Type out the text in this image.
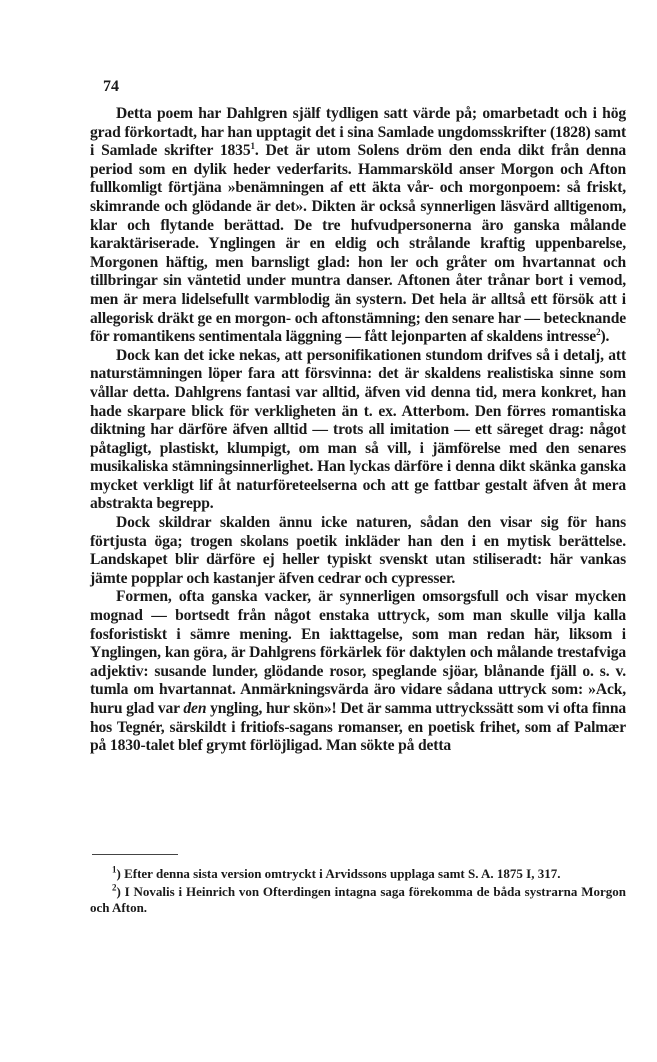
74

Detta poem har Dahlgren själf tydligen satt värde på; omarbetadt och i hög grad förkortadt, har han upptagit det i sina Samlade ungdomsskrifter (1828) samt i Samlade skrifter 1835$^1$. Det är utom Solens dröm den enda dikt från denna period som en dylik heder vederfarits. Hammarsköld anser Morgon och Afton fullkomligt förtjäna »benämningen af ett äkta vår- och morgonpoem: så friskt, skimrande och glödande är det». Dikten är också synnerligen läsvärd alltigenom, klar och flytande berättad. De tre hufvudpersonerna äro ganska målande karaktäriserade. Ynglingen är en eldig och strålande kraftig uppenbarelse, Morgonen häftig, men barnsligt glad: hon ler och gråter om hvartannat och tillbringar sin väntetid under muntra danser. Aftonen åter trånar bort i vemod, men är mera lidelsefullt varmblodig än systern. Det hela är alltså ett försök att i allegorisk dräkt ge en morgon- och aftonstämning; den senare har — betecknande för romantikens sentimentala läggning — fått lejonparten af skaldens intresse$^2$).

Dock kan det icke nekas, att personifikationen stundom drifves så i detalj, att naturstämningen löper fara att försvinna: det är skaldens realistiska sinne som vållar detta. Dahlgrens fantasi var alltid, äfven vid denna tid, mera konkret, han hade skarpare blick för verkligheten än t. ex. Atterbom. Den förres romantiska diktning har därföre äfven alltid — trots all imitation — ett säreget drag: något påtagligt, plastiskt, klumpigt, om man så vill, i jämförelse med den senares musikaliska stämningsinnerlighet. Han lyckas därföre i denna dikt skänka ganska mycket verkligt lif åt naturföreteelserna och att ge fattbar gestalt äfven åt mera abstrakta begrepp.

Dock skildrar skalden ännu icke naturen, sådan den visar sig för hans förtjusta öga; trogen skolans poetik inkläder han den i en mytisk berättelse. Landskapet blir därföre ej heller typiskt svenskt utan stiliseradt: här vankas jämte popplar och kastanjer äfven cedrar och cypresser.

Formen, ofta ganska vacker, är synnerligen omsorgsfull och visar mycken mognad — bortsedt från något enstaka uttryck, som man skulle vilja kalla fosforistiskt i sämre mening. En iakttagelse, som man redan här, liksom i Ynglingen, kan göra, är Dahlgrens förkärlek för daktylen och målande trestafviga adjektiv: susande lunder, glödande rosor, speglande sjöar, blånande fjäll o. s. v. tumla om hvartannat. Anmärkningsvärda äro vidare sådana uttryck som: »Ack, huru glad var den yngling, hur skön»! Det är samma uttryckssätt som vi ofta finna hos Tegnér, särskildt i fritiofs-sagans romanser, en poetisk frihet, som af Palmær på 1830-talet blef grymt förlöjligad. Man sökte på detta

$^1$) Efter denna sista version omtryckt i Arvidssons upplaga samt S. A. 1875 I, 317.

$^2$) I Novalis i Heinrich von Ofterdingen intagna saga förekomma de båda systrarna Morgon och Afton.
